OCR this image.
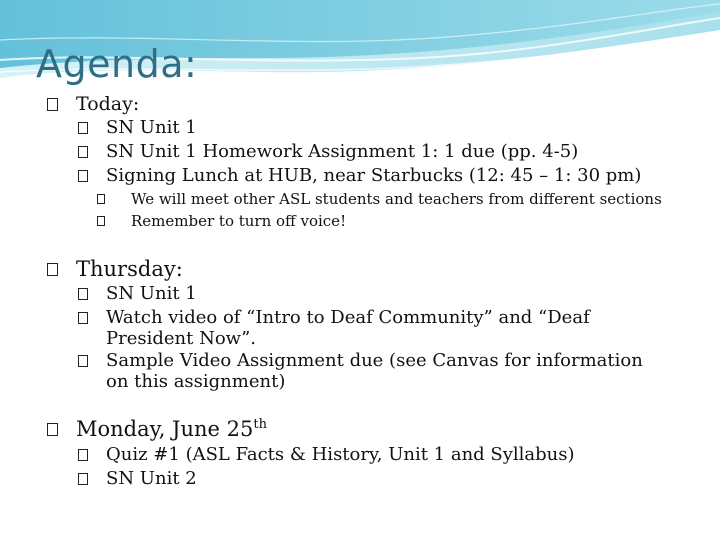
Agenda:
Today:
SN Unit 1
SN Unit 1 Homework Assignment 1: 1 due (pp. 4-5)
Signing Lunch at HUB, near Starbucks (12: 45 – 1: 30 pm)
We will meet other ASL students and teachers from different sections
Remember to turn off voice!
Thursday:
SN Unit 1
Watch video of “Intro to Deaf Community” and “Deaf President Now”.
Sample Video Assignment due (see Canvas for information on this assignment)
Monday, June 25th
Quiz #1 (ASL Facts & History, Unit 1 and Syllabus)
SN Unit 2
